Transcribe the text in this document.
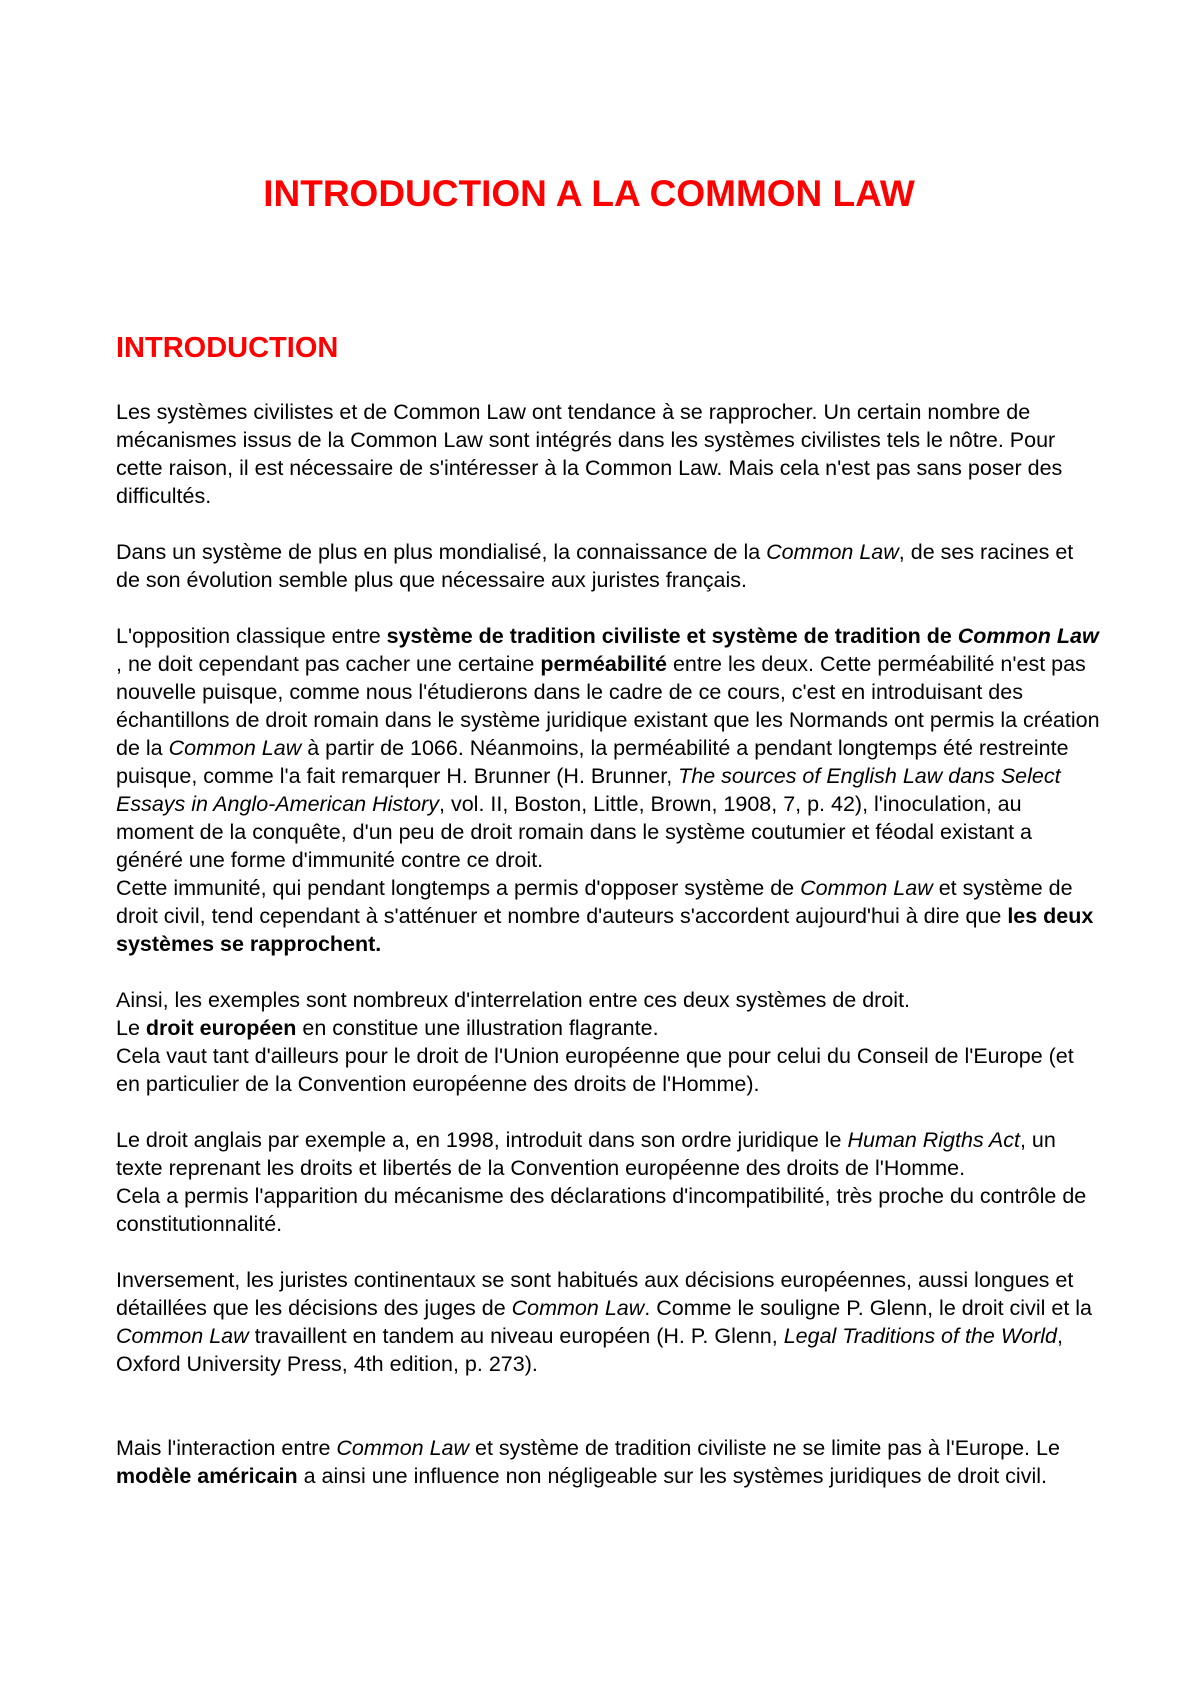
INTRODUCTION A LA COMMON LAW
INTRODUCTION

Les systèmes civilistes et de Common Law ont tendance à se rapprocher. Un certain nombre de mécanismes issus de la Common Law sont intégrés dans les systèmes civilistes tels le nôtre. Pour cette raison, il est nécessaire de s'intéresser à la Common Law. Mais cela n'est pas sans poser des difficultés.

Dans un système de plus en plus mondialisé, la connaissance de la Common Law, de ses racines et de son évolution semble plus que nécessaire aux juristes français.

L'opposition classique entre système de tradition civiliste et système de tradition de Common Law , ne doit cependant pas cacher une certaine perméabilité entre les deux. Cette perméabilité n'est pas nouvelle puisque, comme nous l'étudierons dans le cadre de ce cours, c'est en introduisant des échantillons de droit romain dans le système juridique existant que les Normands ont permis la création de la Common Law à partir de 1066. Néanmoins, la perméabilité a pendant longtemps été restreinte puisque, comme l'a fait remarquer H. Brunner (H. Brunner, The sources of English Law dans Select Essays in Anglo-American History, vol. II, Boston, Little, Brown, 1908, 7, p. 42), l'inoculation, au moment de la conquête, d'un peu de droit romain dans le système coutumier et féodal existant a généré une forme d'immunité contre ce droit.

Cette immunité, qui pendant longtemps a permis d'opposer système de Common Law et système de droit civil, tend cependant à s'atténuer et nombre d'auteurs s'accordent aujourd'hui à dire que les deux systèmes se rapprochent.

Ainsi, les exemples sont nombreux d'interrelation entre ces deux systèmes de droit.

Le droit européen en constitue une illustration flagrante.

Cela vaut tant d'ailleurs pour le droit de l'Union européenne que pour celui du Conseil de l'Europe (et en particulier de la Convention européenne des droits de l'Homme).

Le droit anglais par exemple a, en 1998, introduit dans son ordre juridique le Human Rigths Act, un texte reprenant les droits et libertés de la Convention européenne des droits de l'Homme.

Cela a permis l'apparition du mécanisme des déclarations d'incompatibilité, très proche du contrôle de constitutionnalité.

Inversement, les juristes continentaux se sont habitués aux décisions européennes, aussi longues et détaillées que les décisions des juges de Common Law. Comme le souligne P. Glenn, le droit civil et la Common Law travaillent en tandem au niveau européen (H. P. Glenn, Legal Traditions of the World, Oxford University Press, 4th edition, p. 273).

Mais l'interaction entre Common Law et système de tradition civiliste ne se limite pas à l'Europe. Le modèle américain a ainsi une influence non négligeable sur les systèmes juridiques de droit civil.
